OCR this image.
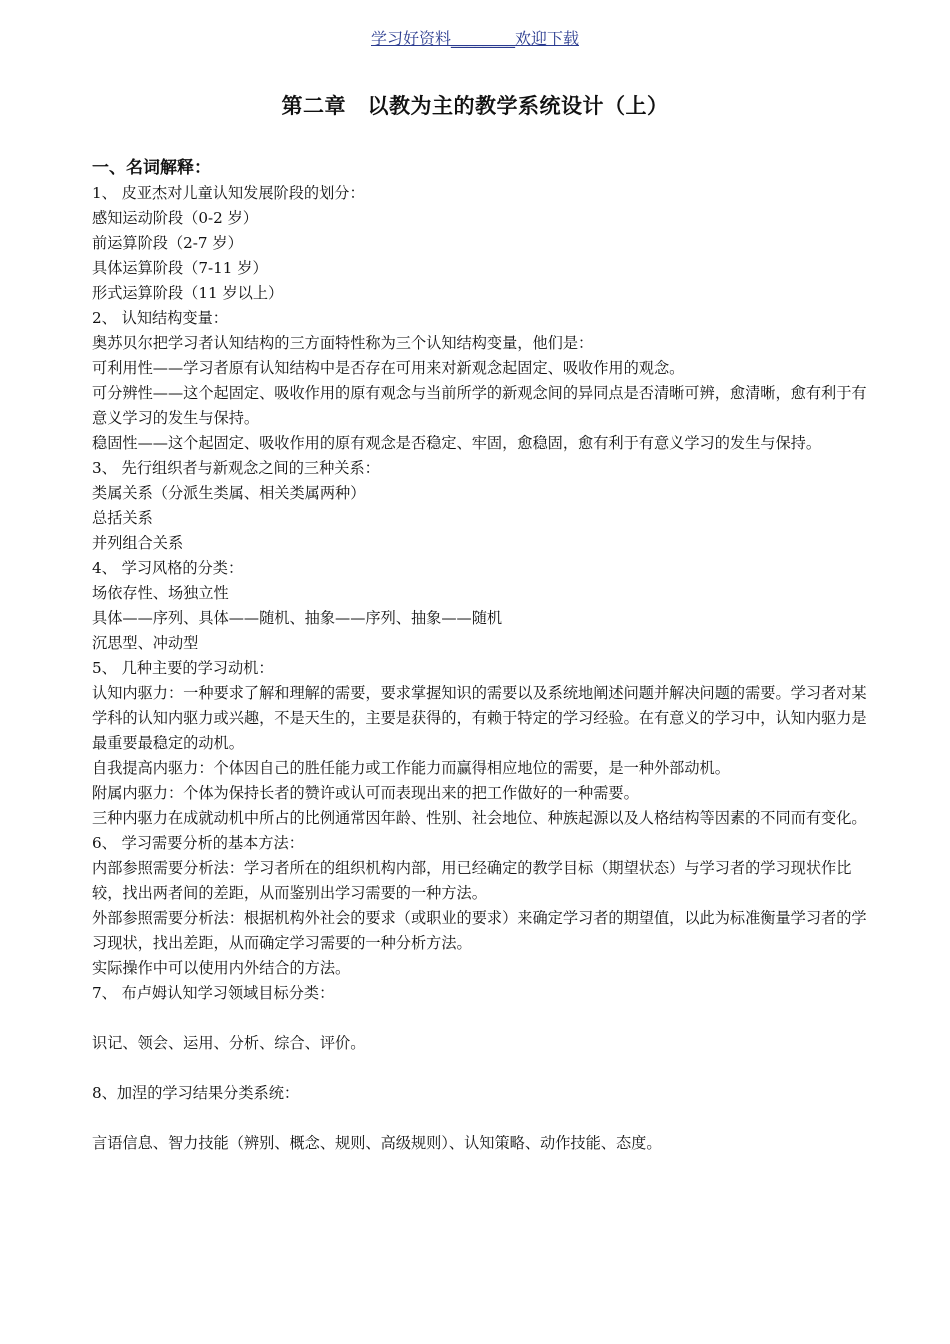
学习好资料________欢迎下载
第二章　以教为主的教学系统设计（上）

一、名词解释：

1、 皮亚杰对儿童认知发展阶段的划分：

感知运动阶段（0-2 岁）

前运算阶段（2-7 岁）

具体运算阶段（7-11 岁）

形式运算阶段（11 岁以上）

2、 认知结构变量：

奥苏贝尔把学习者认知结构的三方面特性称为三个认知结构变量，他们是：

可利用性——学习者原有认知结构中是否存在可用来对新观念起固定、吸收作用的观念。

可分辨性——这个起固定、吸收作用的原有观念与当前所学的新观念间的异同点是否清晰可辨，愈清晰，愈有利于有意义学习的发生与保持。

稳固性——这个起固定、吸收作用的原有观念是否稳定、牢固，愈稳固，愈有利于有意义学习的发生与保持。

3、 先行组织者与新观念之间的三种关系：

类属关系（分派生类属、相关类属两种）

总括关系

并列组合关系

4、 学习风格的分类：

场依存性、场独立性

具体——序列、具体——随机、抽象——序列、抽象——随机

沉思型、冲动型

5、 几种主要的学习动机：

认知内驱力：一种要求了解和理解的需要，要求掌握知识的需要以及系统地阐述问题并解决问题的需要。学习者对某学科的认知内驱力或兴趣，不是天生的，主要是获得的，有赖于特定的学习经验。在有意义的学习中，认知内驱力是最重要最稳定的动机。

自我提高内驱力：个体因自己的胜任能力或工作能力而赢得相应地位的需要，是一种外部动机。

附属内驱力：个体为保持长者的赞许或认可而表现出来的把工作做好的一种需要。

三种内驱力在成就动机中所占的比例通常因年龄、性别、社会地位、种族起源以及人格结构等因素的不同而有变化。

6、 学习需要分析的基本方法：

内部参照需要分析法：学习者所在的组织机构内部，用已经确定的教学目标（期望状态）与学习者的学习现状作比较，找出两者间的差距，从而鉴别出学习需要的一种方法。

外部参照需要分析法：根据机构外社会的要求（或职业的要求）来确定学习者的期望值，以此为标准衡量学习者的学习现状，找出差距，从而确定学习需要的一种分析方法。

实际操作中可以使用内外结合的方法。

7、 布卢姆认知学习领域目标分类：

识记、领会、运用、分析、综合、评价。

8、加涅的学习结果分类系统：

言语信息、智力技能（辨别、概念、规则、高级规则）、认知策略、动作技能、态度。
